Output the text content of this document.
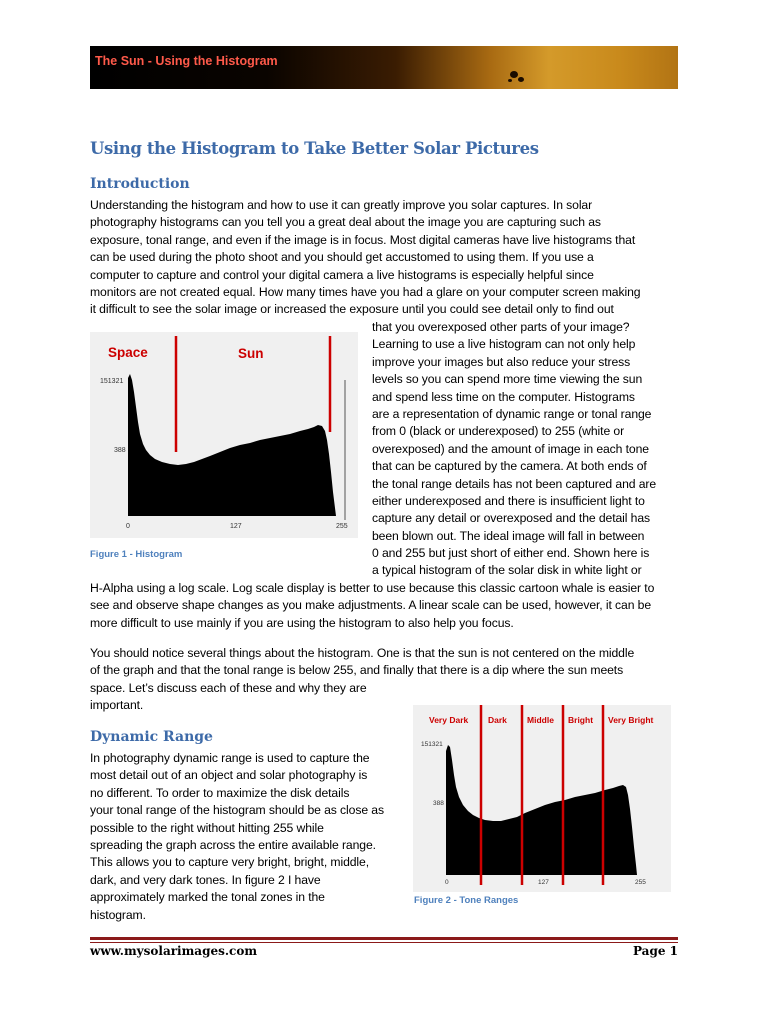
The Sun - Using the Histogram
Using the Histogram to Take Better Solar Pictures
Introduction
Understanding the histogram and how to use it can greatly improve you solar captures. In solar
photography histograms can you tell you a great deal about the image you are capturing such as
exposure, tonal range, and even if the image is in focus. Most digital cameras have live histograms that
can be used during the photo shoot and you should get accustomed to using them. If you use a
computer to capture and control your digital camera a live histograms is especially helpful since
monitors are not created equal. How many times have you had a glare on your computer screen making
it difficult to see the solar image or increased the exposure until you could see detail only to find out
that you overexposed other parts of your image?
Learning to use a live histogram can not only help
improve your images but also reduce your stress
levels so you can spend more time viewing the sun
and spend less time on the computer. Histograms
are a representation of dynamic range or tonal range
from 0 (black or underexposed) to 255 (white or
overexposed) and the amount of image in each tone
that can be captured by the camera. At both ends of
the tonal range details has not been captured and are
either underexposed and there is insufficient light to
capture any detail or overexposed and the detail has
been blown out. The ideal image will fall in between
0 and 255 but just short of either end. Shown here is
a typical histogram of the solar disk in white light or
Space	Sun
151321
388
0	127	255
Figure 1 - Histogram
H-Alpha using a log scale. Log scale display is better to use because this classic cartoon whale is easier to
see and observe shape changes as you make adjustments. A linear scale can be used, however, it can be
more difficult to use mainly if you are using the histogram to also help you focus.
You should notice several things about the histogram. One is that the sun is not centered on the middle
of the graph and that the tonal range is below 255, and finally that there is a dip where the sun meets
space. Let’s discuss each of these and why they are
important.
Dynamic Range
In photography dynamic range is used to capture the
most detail out of an object and solar photography is
no different. To order to maximize the disk details
your tonal range of the histogram should be as close as
possible to the right without hitting 255 while
spreading the graph across the entire available range.
This allows you to capture very bright, bright, middle,
dark, and very dark tones. In figure 2 I have
approximately marked the tonal zones in the
histogram.
Very Dark Dark Middle Bright Very Bright
151321
388
0	127	255
Figure 2 - Tone Ranges
www.mysolarimages.com	Page 1
